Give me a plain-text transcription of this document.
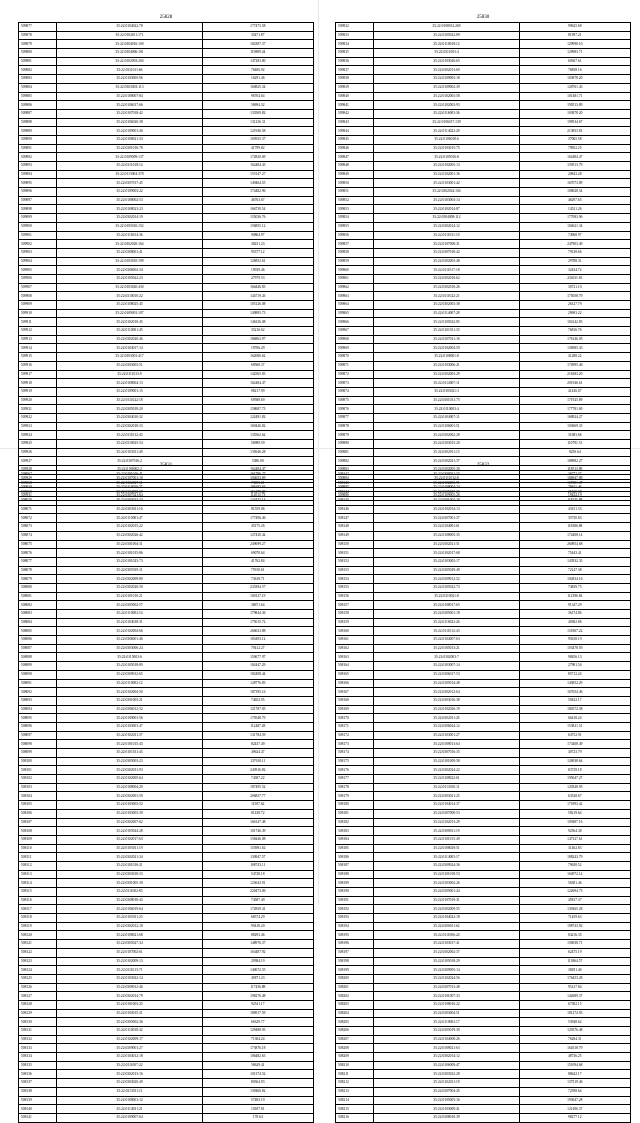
25828
509877	35:22:0104022:78	177473.58
509878	35:22:0104011:171	35471.87
509879	35:22:0304016:100	182387.37
509880	35:22:0304006:181	119889.44
509881	35:22:0102003:204	147283.80
509882	35:22:0111011:66	76406.92
509883	35:22:0103005:96	16291.46
509884	35:22:0303003:113	160825.34
509885	35:22:0108007:84	96704.64
509886	35:22:0106017:66	58694.32
509887	35:22:0107018:42	133509.82
509888	35:22:0106020:38	131236.31
509889	35:22:0109001:40	121946.58
509890	35:22:0108021:33	165935.37
509891	35:22:0301016:78	41799.82
509892	35:22:0109009:137	172820.69
509893	35:22:0311018:14	162484.43
509894	35:22:0113004:378	155147.27
509895	35:22:0307017:45	149464.55
509896	35:22:0109003:22	174482.96
509897	35:22:0108002:53	46763.67
509898	35:22:0108023:23	166739.54
509899	35:22:0302014:19	155036.76
509900	35:22:0105010:152	156855.12
509901	35:22:0116014:36	90864.97
509902	35:22:0302020:164	38231.23
509903	35:22:0308001:41	95377.12
509904	35:22:0103010:199	126852.61
509905	35:22:0306002:34	19039.46
509906	35:22:0105022:23	27979.53
509907	35:22:0103020:430	166446.83
509908	35:22:0310010:22	144719.43
509909	35:22:0108025:45	105126.08
509910	35:22:0109001:107	149895.73
509911	35:22:0102010:45	146236.08
509912	35:22:0110001:45	35216.62
509913	35:22:0302020:46	186863.97
509914	35:22:0104017:14	19766.29
509915	35:22:0303001:417	162086.62
509916	35:22:0303003:51	69568.37
509917	35:22:0111013:9	142565.83
509918	35:22:0108004:13	162484.47
509919	35:22:0109001:15	98217.99
509920	35:22:0111022:18	69588.69
509921	35:22:0305018:20	158687.73
509922	35:22:0304010:32	122491.82
509923	35:22:0302018:33	169446.82
509924	35:22:0111012:43	135562.62
509925	35:22:0310025:54	56989.59
509926	35:22:0103011:49	135646.28
509927	35:22:0307016:2	5386.00
509928	35:22:0106002:2	162484.47
509929	35:22:0107001:10	104653.69
509930	35:22:0110020:37	186295.63
509931	35:22:0307021:64	112015.73
25830
509832	35:22:0108012:269	99625.68
509833	35:22:0105022:89	81997.21
509834	35:22:0110018:12	129998.10
509835	35:22:0311003:4	129983.71
509836	35:22:0103026:65	60367.61
509837	35:22:0302013:69	76858.16
509838	35:22:0109003:18	103878.20
509839	35:22:0109002:39	128761.43
509840	35:22:0102003:58	101481.71
509841	35:22:0102003:93	190513.89
509842	35:22:0116003:36	103878.20
509843	35:22:0106017:139	198534.67
509844	35:22:0114022:20	213853.81
509845	35:22:0106018:6	37065.58
509846	35:22:0103015:75	79852.25
509847	35:22:0105016:8	162484.47
509848	35:22:0102005:13	159513.79
509849	35:22:0102001:36	20843.28
509850	35:22:0103001:42	167073.89
509851	35:22:0302024:104	108628.54
509852	35:22:0103003:14	46297.65
509853	35:22:0102014:87	14521.26
509854	35:22:0304008:112	177083.96
509855	35:22:0302014:12	104621.34
509856	35:22:0111031:10	74968.97
509857	35:22:0107008:31	247903.49
509858	35:22:0307018:42	79138.66
509859	35:22:0302003:48	29788.31
509860	35:22:0111017:18	32434.72
509861	35:22:0302010:62	234011.65
509862	35:22:0302010:26	30721.10
509863	35:22:0111022:21	175058.79
509864	35:22:0302003:38	26127.79
509865	35:22:0114007:28	29693.22
509866	35:22:0105022:85	104142.83
509867	35:22:0101011:33	76816.76
509868	35:22:0107021:16	176146.05
509869	35:22:0102004:59	136985.33
509870	35:22:0108001:8	41288.22
509871	35:22:0103006:21	174995.46
509872	35:22:0302003:29	216383.20
509873	35:22:0114007:11	201946.61
509874	35:22:0303021:3	41436.07
509875	35:22:0301031:75	171925.89
509876	35:22:0110003:4	177781.69
509877	35:22:0104007:11	168924.27
509878	35:22:0106001:51	103669.33
509879	35:22:0302002:28	31683.66
509880	35:22:0103015:20	110791.51
509881	35:22:0302011:13	8250.64
509882	35:22:0302021:37	188982.27
509883	35:22:0302005:30	118513.89
509884	35:22:0111012:8	166947.89
509885	35:22:0108004:24	79611.46
509886	35:22:0109005:26	19432.19
25831
508067	35:22:0101016:41	161796.27
508068	35:22:0302027:11	73053.01
508069	35:22:0104002:67	113479.48
508070	35:22:0303013:24	123473.14
508071	35:22:0303011:16	81559.06
508072	35:22:0115001:47	177496.46
508073	35:22:0102015:22	45175.26
508074	35:22:0302026:42	127430.42
508075	35:22:0301004:31	249699.27
508076	35:22:0101015:86	69078.64
508077	35:22:0101023:73	41762.84
508078	35:22:0305019:11	75910.61
508079	35:22:0302009:80	73618.71
508080	35:22:0302020:50	233394.57
508081	35:22:0101010:21	100137.19
508082	35:22:0305002:57	38671.64
508083	35:22:0110002:14	179844.36
508084	35:22:0104018:31	175015.72
508085	35:22:0102004:66	266633.88
508086	35:22:0306001:46	183493.12
508087	35:22:0303006:24	79412.27
508088	35:22:0115003:6	150677.97
508089	35:22:0105018:89	102447.29
508090	35:22:0309012:65	182498.44
508091	35:22:0110002:12	128776.83
508092	35:22:0102004:50	187395.16
508093	35:22:0301003:21	74652.95
508094	35:22:0306012:52	121787.05
508095	35:22:0109001:56	170548.79
508096	35:22:0103001:47	112487.28
508097	35:22:0102011:37	131784.59
508098	35:22:0101015:43	82437.49
508099	35:22:0101011:43	49624.47
508100	35:22:0305003:23	137618.11
508101	35:22:0302031:93	243916.82
508102	35:22:0102005:64	74387.22
508103	35:22:0108004:20	187495.52
508104	35:22:0302001:59	206837.77
508105	35:22:0103003:52	11937.62
508106	35:22:0103003:39	81438.72
508107	35:22:0302007:62	166147.48
508108	35:22:0105024:28	101746.39
508109	35:22:0102017:63	158446.08
508110	35:22:0105011:19	153981.62
508111	35:22:0302021:34	130947.57
508112	35:22:0101016:21	108743.11
508113	35:22:0303018:33	54728.18
508114	35:22:0301005:39	123643.91
508115	35:22:0111002:83	220473.06
508116	35:22:0308018:43	74587.49
508117	35:22:0106019:64	172839.41
508118	35:22:0105011:23	68374.29
508119	35:22:0302012:18	99418.20
508120	35:22:0108021:68	88293.46
508121	35:22:0305027:34	148976.37
508122	35:22:0107002:61	163487.92
508123	35:22:0102009:13	29384.19
508124	35:22:0111013:71	140672.55
508125	35:22:0103022:14	45871.23
508126	35:22:0309012:46	117436.88
508127	35:22:0302014:79	198276.48
508128	35:22:0101003:25	92541.17
508129	35:22:0103015:31	180917.59
508130	35:22:0305002:36	66329.77
508131	35:22:0110018:32	129488.93
508132	35:22:0102009:17	71384.24
508133	35:22:0309001:27	173876.18
508134	35:22:0104012:18	106482.63
508135	35:22:0111007:22	58629.41
508136	35:22:0302013:16	101374.52
508137	35:22:0303020:49	80364.93
508138	35:22:0113011:11	139466.82
508139	35:22:0108001:12	57483.19
508140	35:22:0114031:21	10187.81
508141	35:22:0109007:64	178.64
25832
508142	35:22:0308011:33	36772.37
508143	35:22:0102003:91	107681.37
508144	35:22:0305007:25	21528.38
508145	35:22:0301002:20	118745.89
508146	35:22:0102014:13	43151.53
508147	35:22:0307001:37	35750.83
508148	35:22:0104001:61	118386.88
508149	35:22:0108005:35	172408.14
508150	35:22:0302021:51	260854.68
508151	35:22:0102017:68	75443.41
508152	35:22:0103003:17	143932.33
508153	35:22:0305029:49	72147.38
508154	35:22:0309012:52	102834.16
508155	35:22:0105022:73	74839.73
508156	35:22:0310021:8	112396.84
508157	35:22:0108017:65	91347.29
508158	35:22:0305001:18	36174.86
508159	35:22:0116022:26	40382.86
508160	35:22:0111012:43	151867.22
508161	35:22:0104007:63	95618.19
508162	35:22:0105013:21	103478.59
508163	35:22:0302003:7	98456.13
508164	35:22:0103007:14	27981.54
508165	35:22:0306017:53	85712.24
508166	35:22:0105014:48	143852.29
508167	35:22:0302012:64	167654.46
508168	35:22:0303016:38	59432.17
508169	35:22:0102026:19	184572.38
508170	35:22:0302011:45	66418.24
508171	35:22:0306024:12	153821.51
508172	35:22:0103001:27	64752.91
508173	35:22:0109013:64	173408.49
508174	35:22:0307016:35	40723.79
508175	35:22:0101009:58	126938.64
508176	35:22:0302024:22	83729.18
508177	35:22:0108022:61	195647.27
508178	35:22:0113010:11	120348.95
508179	35:22:0303021:25	63528.67
508180	35:22:0104014:37	171893.42
508181	35:22:0307008:53	58219.64
508182	35:22:0102013:29	109487.16
508183	35:22:0308011:19	92564.38
508184	35:22:0101015:49	147327.61
508185	35:22:0108029:51	31462.83
508186	35:22:0114005:17	188243.79
508187	35:22:0309024:36	79638.52
508188	35:22:0101018:53	164972.14
508189	35:22:0103002:26	56381.46
508190	35:22:0305001:44	122694.73
508191	35:22:0107019:31	45817.37
508192	35:22:0302009:55	139265.28
508193	35:22:0104022:18	71459.63
508194	35:22:0306011:62	198743.92
508195	35:22:0111006:24	84216.35
508196	35:22:0103017:41	156938.71
508197	35:22:0302002:37	62475.19
508198	35:22:0105018:29	113864.57
508199	35:22:0309005:14	38291.46
508200	35:22:0102024:56	176453.28
508201	35:22:0307013:48	95127.84
508202	35:22:0101007:33	142689.37
508203	35:22:0108016:22	67382.15
508204	35:22:0303004:51	181274.93
508205	35:22:0110002:17	53948.62
508206	35:22:0305019:39	129376.48
508207	35:22:0104008:26	76284.31
508208	35:22:0109021:63	164518.79
508209	35:22:0302014:12	48736.25
508210	35:22:0106009:47	151094.68
508211	35:22:0303022:28	88642.17
508212	35:22:0102011:19	137519.46
508213	35:22:0307004:45	72398.64
508214	35:22:0105003:16	193647.28
508215	35:22:0103009:41	121496.37
508216	35:22:0308010:39	98277.12
